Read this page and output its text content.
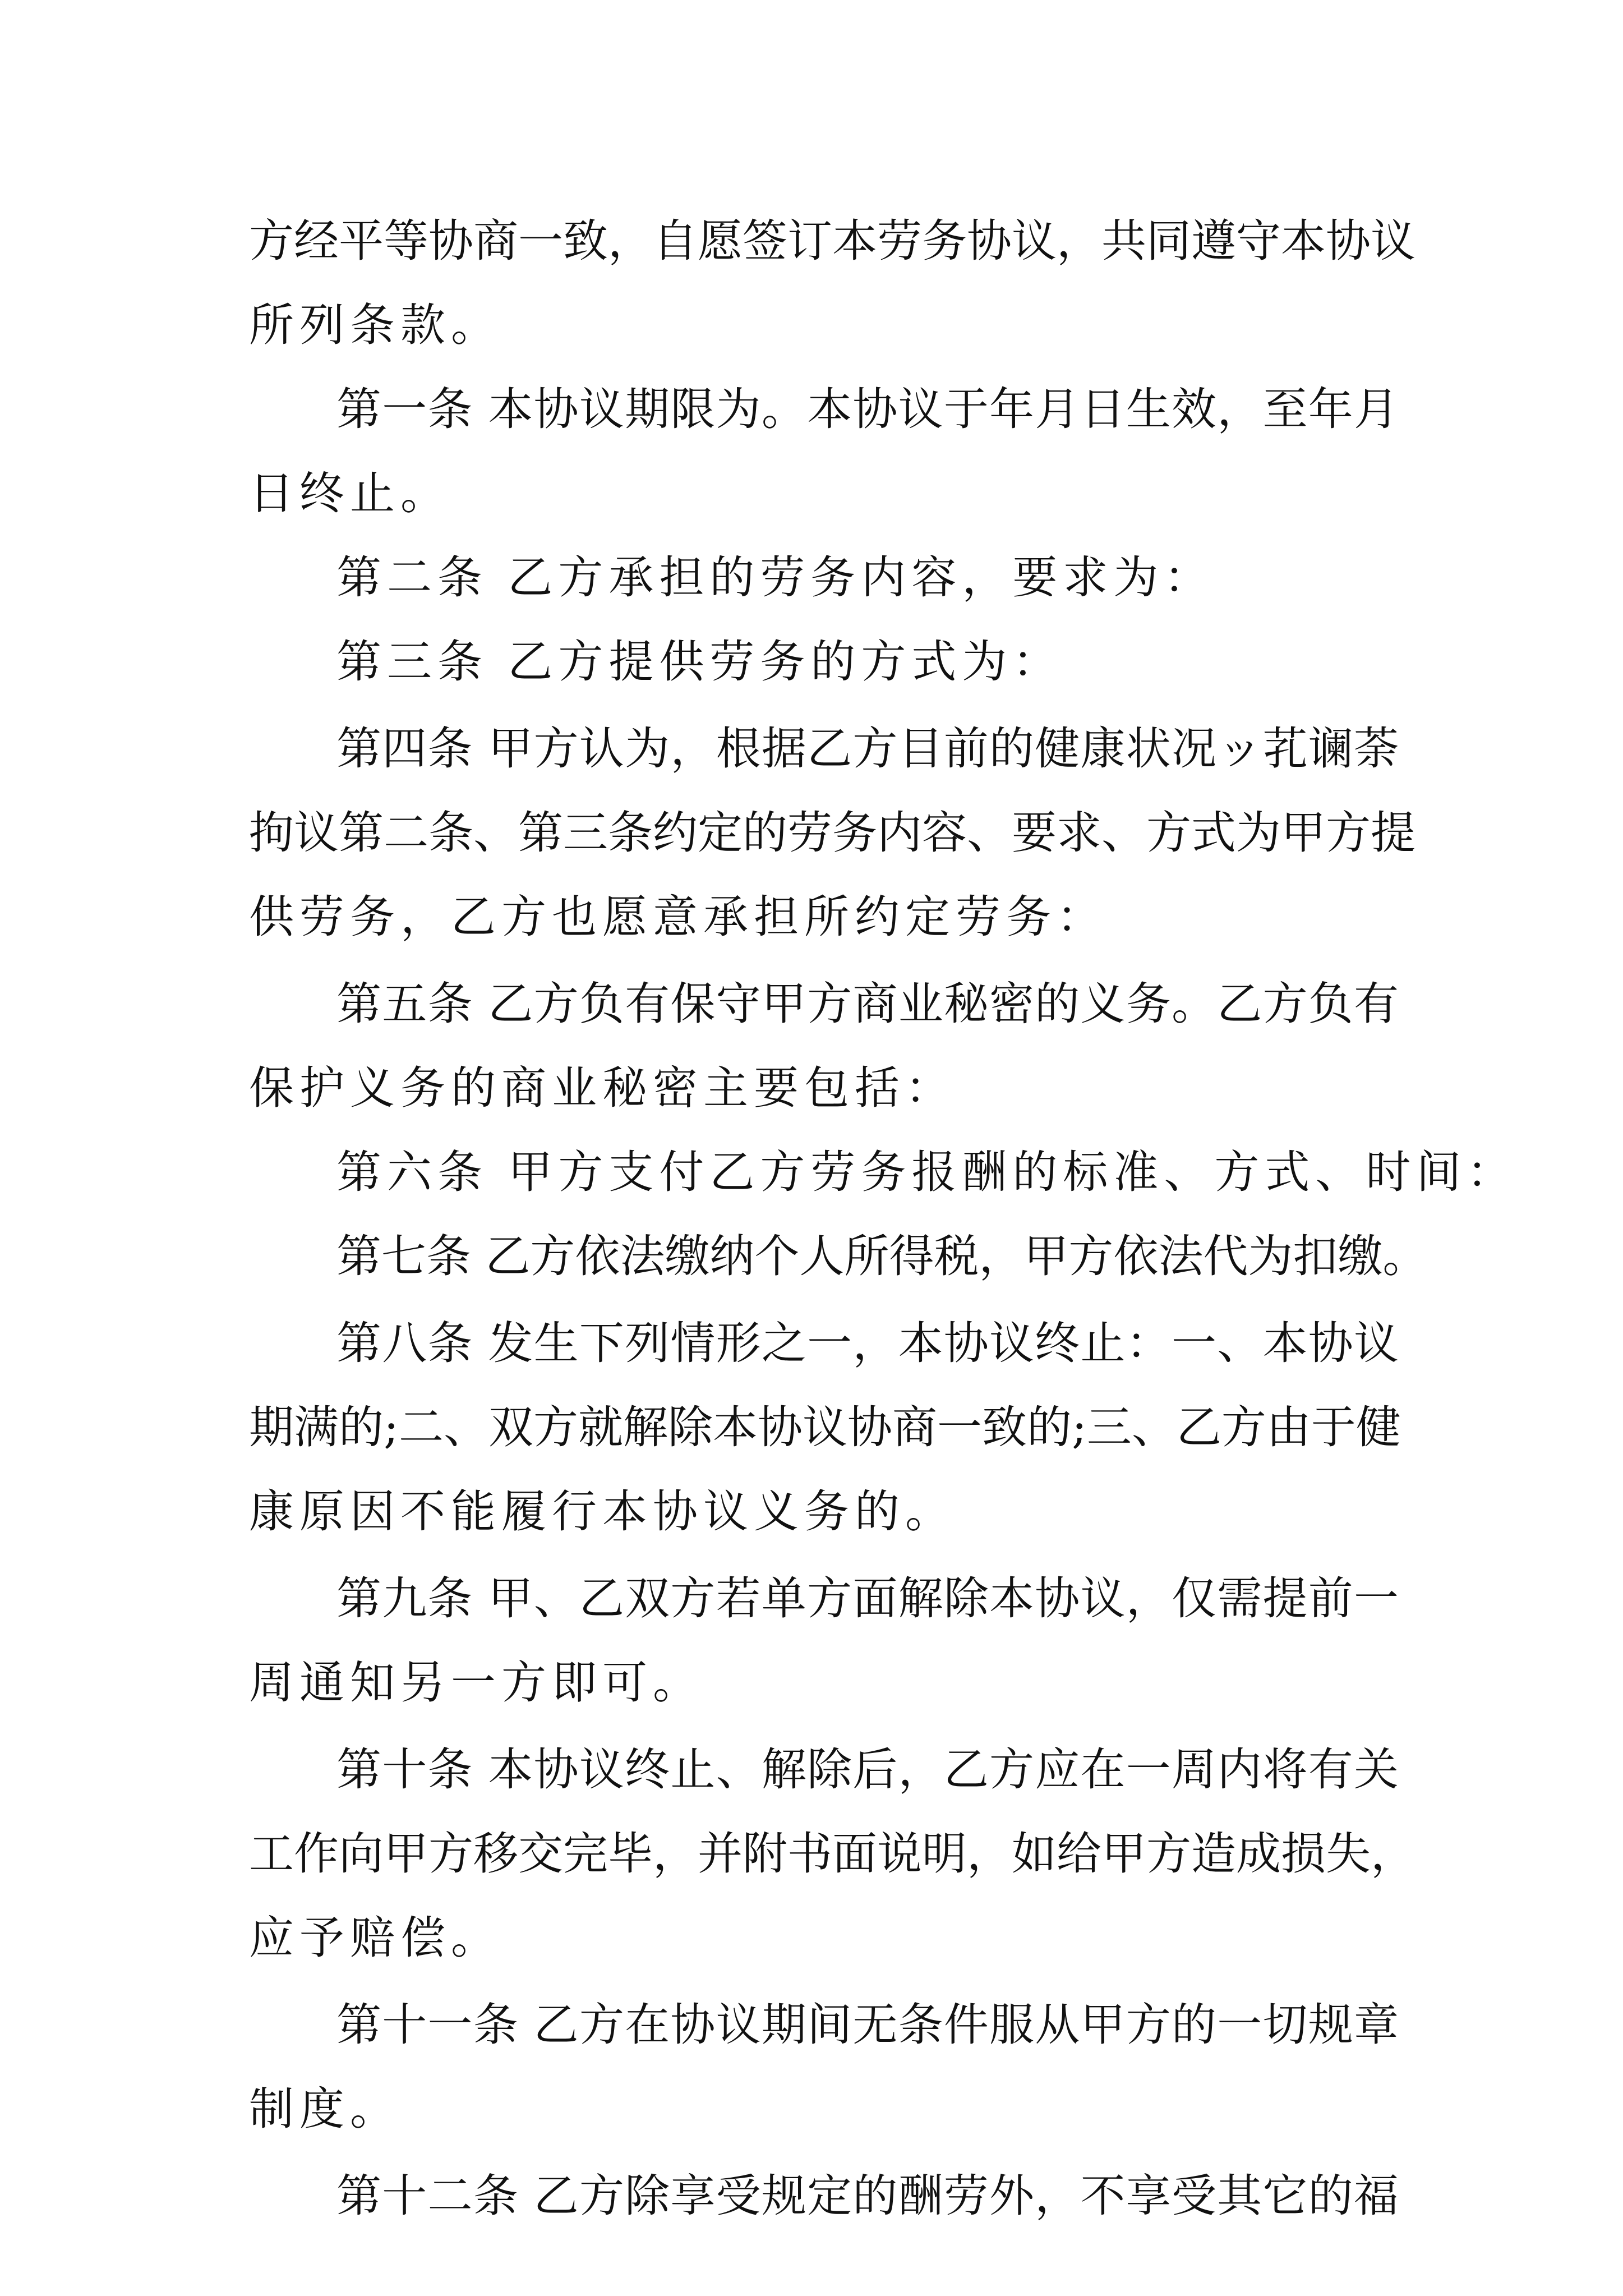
方经平等协商一致，自愿签订本劳务协议，共同遵守本协议
所列条款。
第一条 本协议期限为。本协议于年月日生效，至年月
日终止。
第二条 乙方承担的劳务内容，要求为：
第三条 乙方提供劳务的方式为：
第四条 甲方认为，根据乙方目前的健康状况ッ芤谰荼
拘议第二条、第三条约定的劳务内容、要求、方式为甲方提
供劳务，乙方也愿意承担所约定劳务：
第五条 乙方负有保守甲方商业秘密的义务。乙方负有
保护义务的商业秘密主要包括：
第六条 甲方支付乙方劳务报酬的标准、方式、时间：
第七条 乙方依法缴纳个人所得税，甲方依法代为扣缴。
第八条 发生下列情形之一，本协议终止：一、本协议
期满的;二、双方就解除本协议协商一致的;三、乙方由于健
康原因不能履行本协议义务的。
第九条 甲、乙双方若单方面解除本协议，仅需提前一
周通知另一方即可。
第十条 本协议终止、解除后，乙方应在一周内将有关
工作向甲方移交完毕，并附书面说明，如给甲方造成损失，
应予赔偿。
第十一条 乙方在协议期间无条件服从甲方的一切规章
制度。
第十二条 乙方除享受规定的酬劳外，不享受其它的福
